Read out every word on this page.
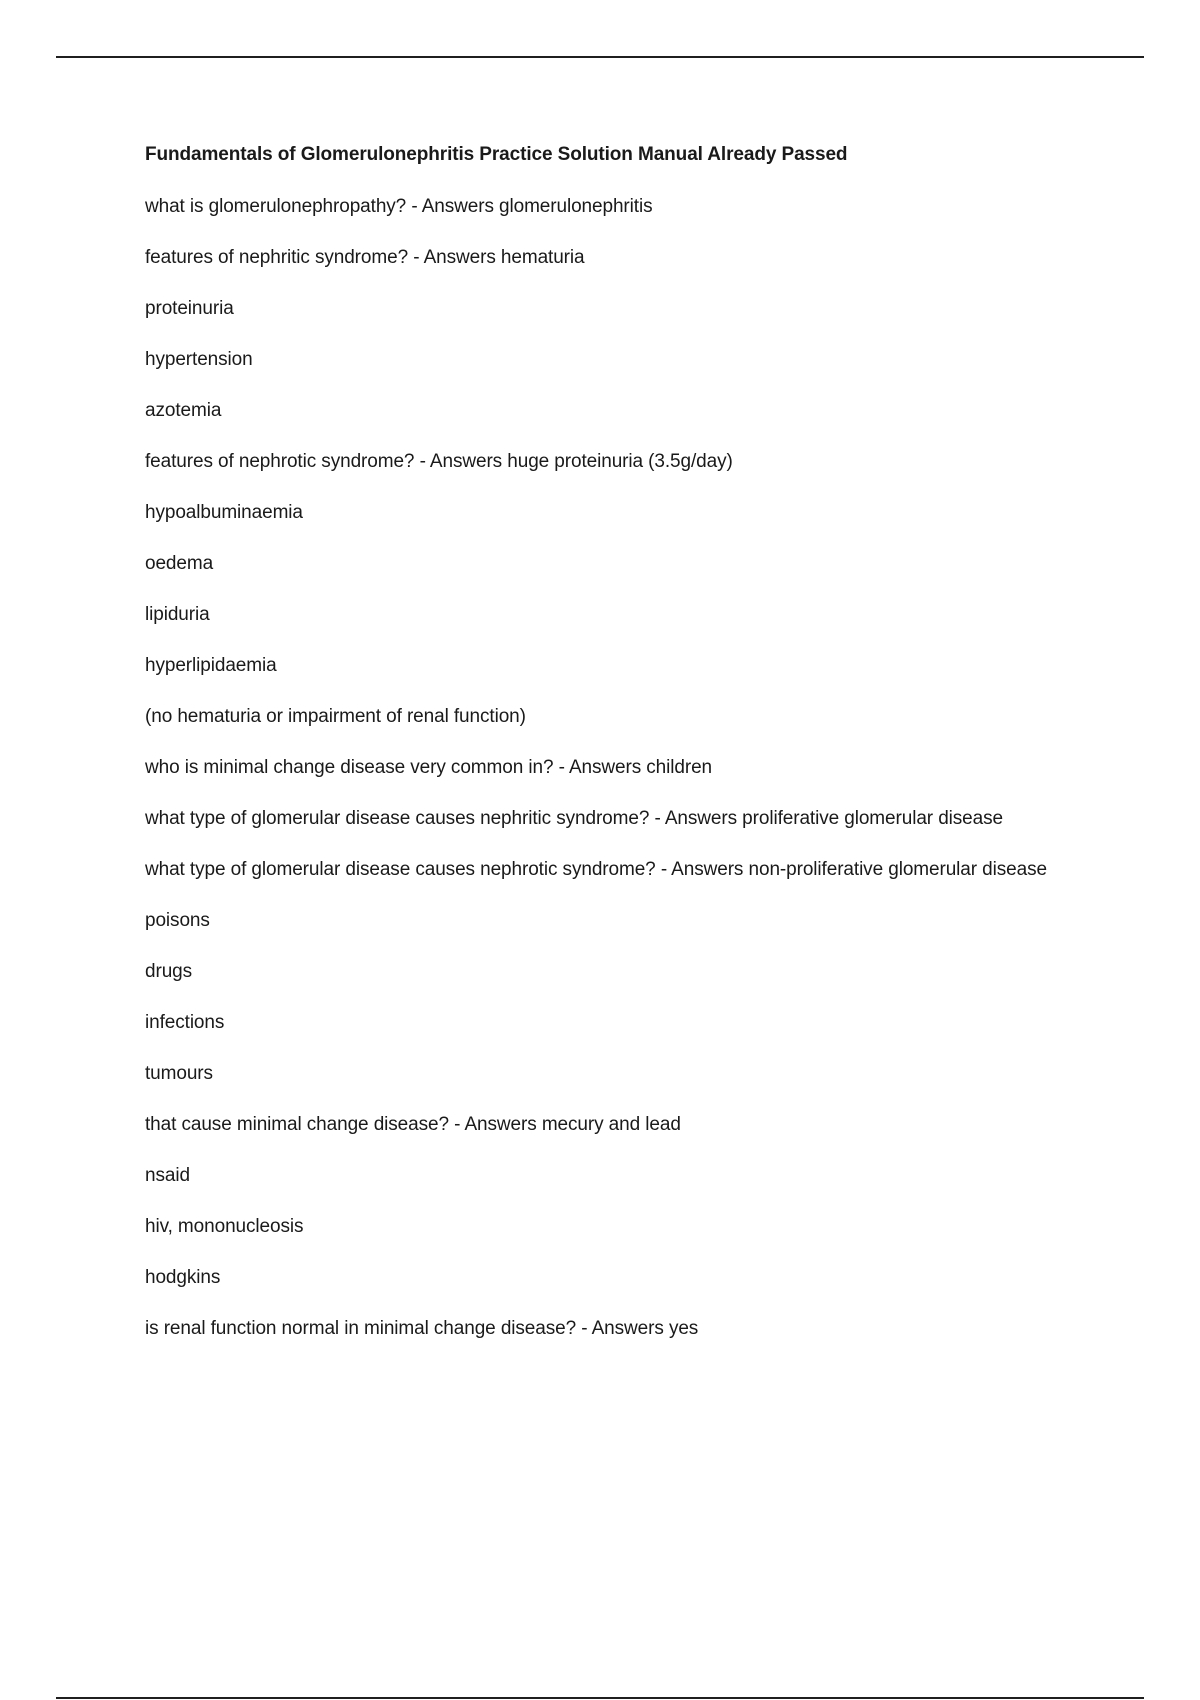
Fundamentals of Glomerulonephritis Practice Solution Manual Already Passed
what is glomerulonephropathy? - Answers glomerulonephritis
features of nephritic syndrome? - Answers hematuria
proteinuria
hypertension
azotemia
features of nephrotic syndrome? - Answers huge proteinuria (3.5g/day)
hypoalbuminaemia
oedema
lipiduria
hyperlipidaemia
(no hematuria or impairment of renal function)
who is minimal change disease very common in? - Answers children
what type of glomerular disease causes nephritic syndrome? - Answers proliferative glomerular disease
what type of glomerular disease causes nephrotic syndrome? - Answers non-proliferative glomerular disease
poisons
drugs
infections
tumours
that cause minimal change disease? - Answers mecury and lead
nsaid
hiv, mononucleosis
hodgkins
is renal function normal in minimal change disease? - Answers yes
